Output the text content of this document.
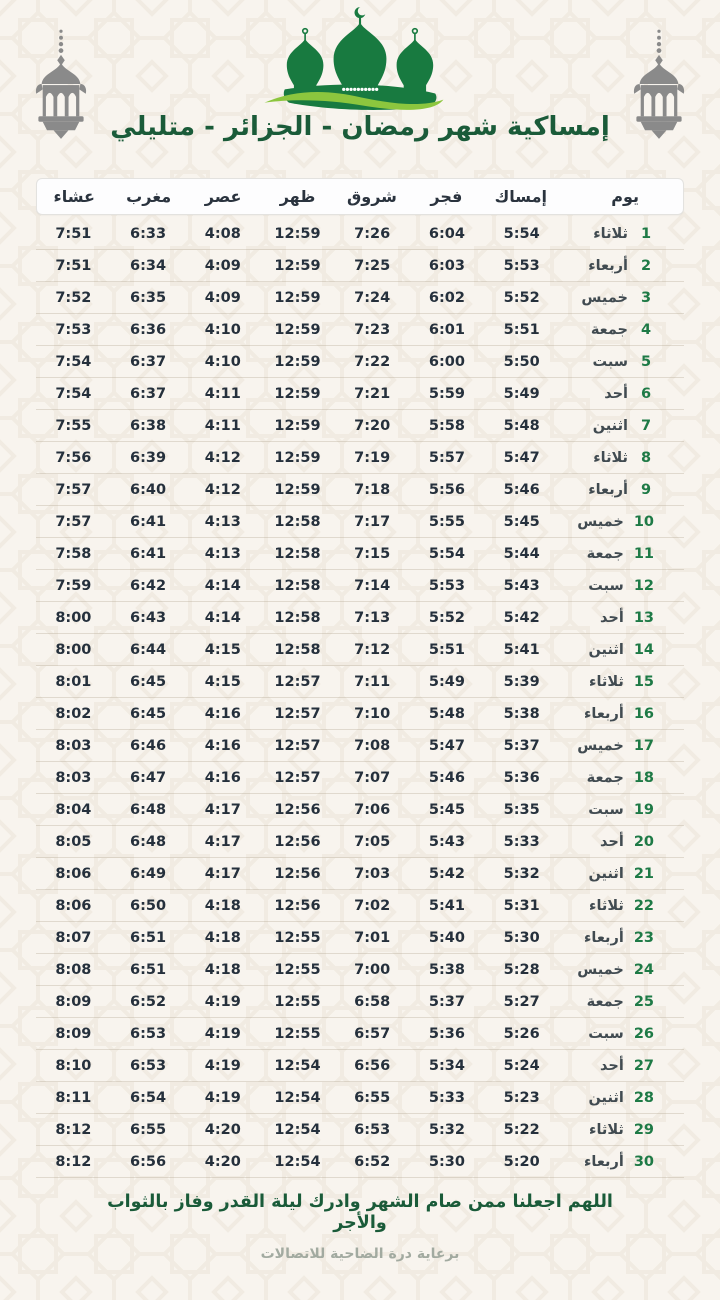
إمساكية شهر رمضان - الجزائر - متليلي
يوم
إمساك
فجر
شروق
ظهر
عصر
مغرب
عشاء
1
ثلاثاء
5:54
6:04
7:26
12:59
4:08
6:33
7:51
2
أربعاء
5:53
6:03
7:25
12:59
4:09
6:34
7:51
3
خميس
5:52
6:02
7:24
12:59
4:09
6:35
7:52
4
جمعة
5:51
6:01
7:23
12:59
4:10
6:36
7:53
5
سبت
5:50
6:00
7:22
12:59
4:10
6:37
7:54
6
أحد
5:49
5:59
7:21
12:59
4:11
6:37
7:54
7
اثنين
5:48
5:58
7:20
12:59
4:11
6:38
7:55
8
ثلاثاء
5:47
5:57
7:19
12:59
4:12
6:39
7:56
9
أربعاء
5:46
5:56
7:18
12:59
4:12
6:40
7:57
10
خميس
5:45
5:55
7:17
12:58
4:13
6:41
7:57
11
جمعة
5:44
5:54
7:15
12:58
4:13
6:41
7:58
12
سبت
5:43
5:53
7:14
12:58
4:14
6:42
7:59
13
أحد
5:42
5:52
7:13
12:58
4:14
6:43
8:00
14
اثنين
5:41
5:51
7:12
12:58
4:15
6:44
8:00
15
ثلاثاء
5:39
5:49
7:11
12:57
4:15
6:45
8:01
16
أربعاء
5:38
5:48
7:10
12:57
4:16
6:45
8:02
17
خميس
5:37
5:47
7:08
12:57
4:16
6:46
8:03
18
جمعة
5:36
5:46
7:07
12:57
4:16
6:47
8:03
19
سبت
5:35
5:45
7:06
12:56
4:17
6:48
8:04
20
أحد
5:33
5:43
7:05
12:56
4:17
6:48
8:05
21
اثنين
5:32
5:42
7:03
12:56
4:17
6:49
8:06
22
ثلاثاء
5:31
5:41
7:02
12:56
4:18
6:50
8:06
23
أربعاء
5:30
5:40
7:01
12:55
4:18
6:51
8:07
24
خميس
5:28
5:38
7:00
12:55
4:18
6:51
8:08
25
جمعة
5:27
5:37
6:58
12:55
4:19
6:52
8:09
26
سبت
5:26
5:36
6:57
12:55
4:19
6:53
8:09
27
أحد
5:24
5:34
6:56
12:54
4:19
6:53
8:10
28
اثنين
5:23
5:33
6:55
12:54
4:19
6:54
8:11
29
ثلاثاء
5:22
5:32
6:53
12:54
4:20
6:55
8:12
30
أربعاء
5:20
5:30
6:52
12:54
4:20
6:56
8:12
اللهم اجعلنا ممن صام الشهر وادرك ليلة القدر وفاز بالثواب والأجر
برعاية درة الضاحية للاتصالات
